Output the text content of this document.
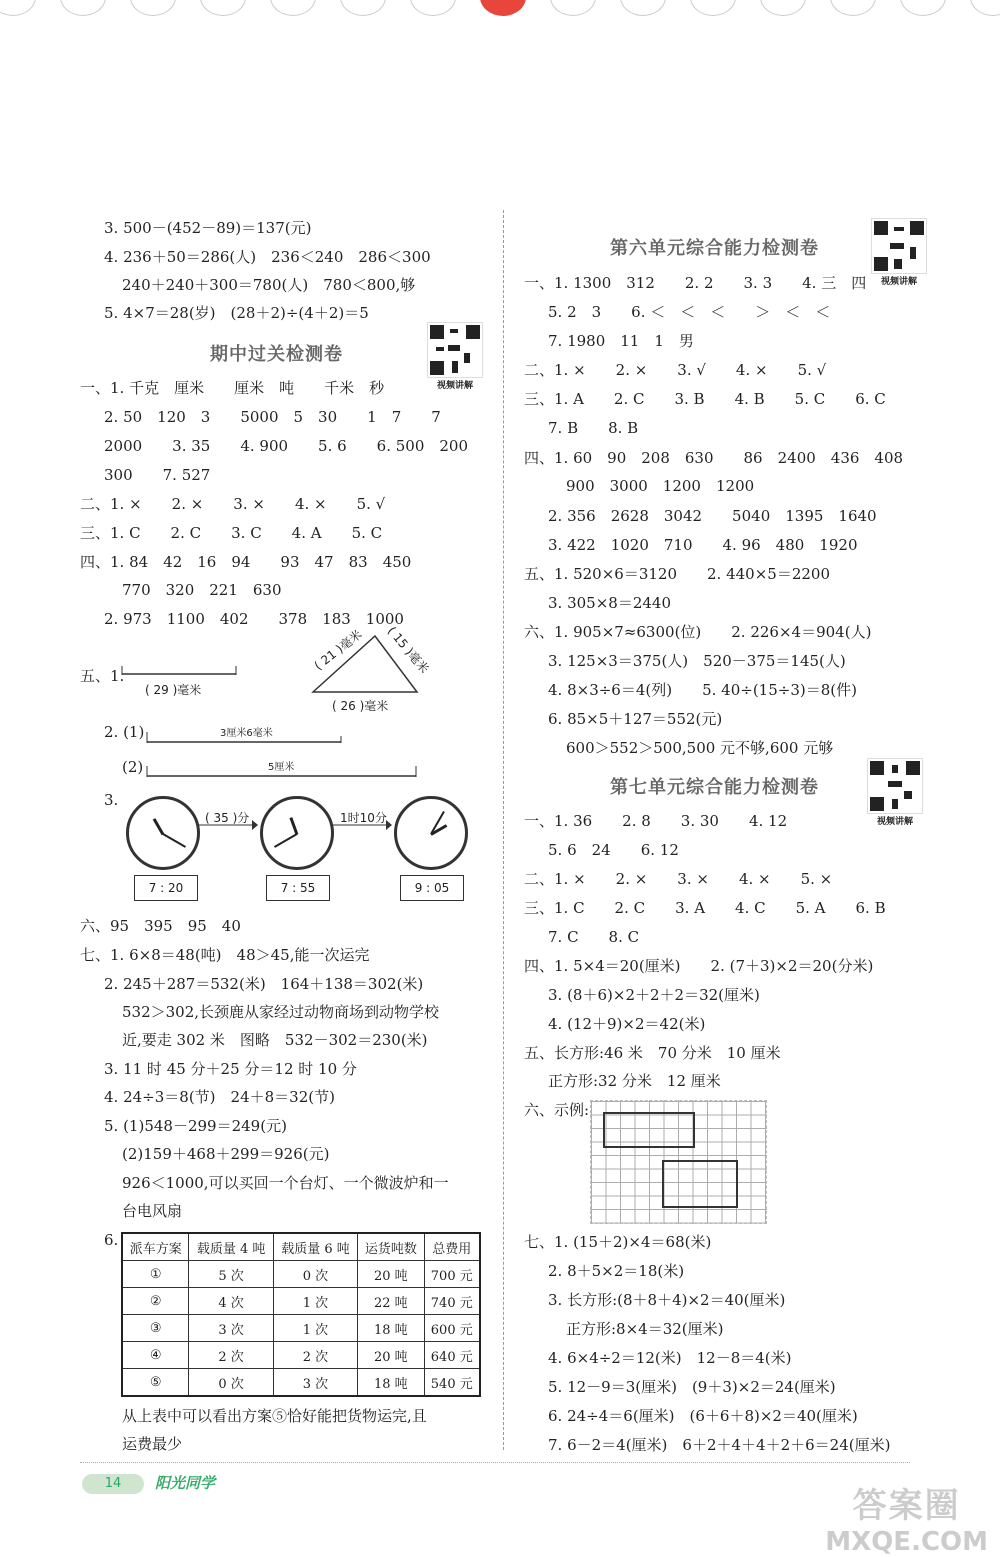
3. 500－(452－89)＝137(元)
4. 236＋50＝286(人)　236＜240　286＜300
240＋240＋300＝780(人)　780＜800,够
5. 4×7＝28(岁)　(28＋2)÷(4＋2)＝5
期中过关检测卷
视频讲解
一、1. 千克　厘米　　厘米　吨　　千米　秒
2. 50　120　3　　5000　5　30　　1　7　　7
2000　　3. 35　　4. 900　　5. 6　　6. 500　200
300　　7. 527
二、1. ×　　2. ×　　3. ×　　4. ×　　5. √
三、1. C　　2. C　　3. C　　4. A　　5. C
四、1. 84　42　16　94　　93　47　83　450
770　320　221　630
2. 973　1100　402　　378　183　1000
五、1.
( 29 )毫米
( 21 )毫米 ( 15 )毫米
( 26 )毫米
2. (1)	3厘米6毫米
(2)	5厘米
3.
( 35 )分	1时10分
7 : 20	7 : 55	9 : 05
六、95　395　95　40
七、1. 6×8＝48(吨)　48＞45,能一次运完
2. 245＋287＝532(米)　164＋138＝302(米)
532＞302,长颈鹿从家经过动物商场到动物学校
近,要走 302 米　图略　532－302＝230(米)
3. 11 时 45 分＋25 分＝12 时 10 分
4. 24÷3＝8(节)　24＋8＝32(节)
5. (1)548－299＝249(元)
(2)159＋468＋299＝926(元)
926＜1000,可以买回一个台灯、一个微波炉和一
台电风扇
6. 派车方案	载质量 4 吨	载质量 6 吨	运货吨数	总费用
①	5 次	0 次	20 吨	700 元
②	4 次	1 次	22 吨	740 元
③	3 次	1 次	18 吨	600 元
④	2 次	2 次	20 吨	640 元
⑤	0 次	3 次	18 吨	540 元
从上表中可以看出方案⑤恰好能把货物运完,且
运费最少
第六单元综合能力检测卷
视频讲解
一、1. 1300　312　　2. 2　　3. 3　　4. 三　四
5. 2　3　　6. ＜　＜　＜　　＞　＜　＜
7. 1980　11　1　男
二、1. ×　　2. ×　　3. √　　4. ×　　5. √
三、1. A　　2. C　　3. B　　4. B　　5. C　　6. C
7. B　　8. B
四、1. 60　90　208　630　　86　2400　436　408
900　3000　1200　1200
2. 356　2628　3042　　5040　1395　1640
3. 422　1020　710　　4. 96　480　1920
五、1. 520×6＝3120　　2. 440×5＝2200
3. 305×8＝2440
六、1. 905×7≈6300(位)　　2. 226×4＝904(人)
3. 125×3＝375(人)　520－375＝145(人)
4. 8×3÷6＝4(列)　　5. 40÷(15÷3)＝8(件)
6. 85×5＋127＝552(元)
600＞552＞500,500 元不够,600 元够
第七单元综合能力检测卷
视频讲解
一、1. 36　　2. 8　　3. 30　　4. 12
5. 6　24　　6. 12
二、1. ×　　2. ×　　3. ×　　4. ×　　5. ×
三、1. C　　2. C　　3. A　　4. C　　5. A　　6. B
7. C　　8. C
四、1. 5×4＝20(厘米)　　2. (7＋3)×2＝20(分米)
3. (8＋6)×2＋2＋2＝32(厘米)
4. (12＋9)×2＝42(米)
五、长方形:46 米　70 分米　10 厘米
正方形:32 分米　12 厘米
六、示例:
七、1. (15＋2)×4＝68(米)
2. 8＋5×2＝18(米)
3. 长方形:(8＋8＋4)×2＝40(厘米)
正方形:8×4＝32(厘米)
4. 6×4÷2＝12(米)　12－8＝4(米)
5. 12－9＝3(厘米)　(9＋3)×2＝24(厘米)
6. 24÷4＝6(厘米)　(6＋6＋8)×2＝40(厘米)
7. 6－2＝4(厘米)　6＋2＋4＋4＋2＋6＝24(厘米)
14	阳光同学
答案圈
MXQE.COM
